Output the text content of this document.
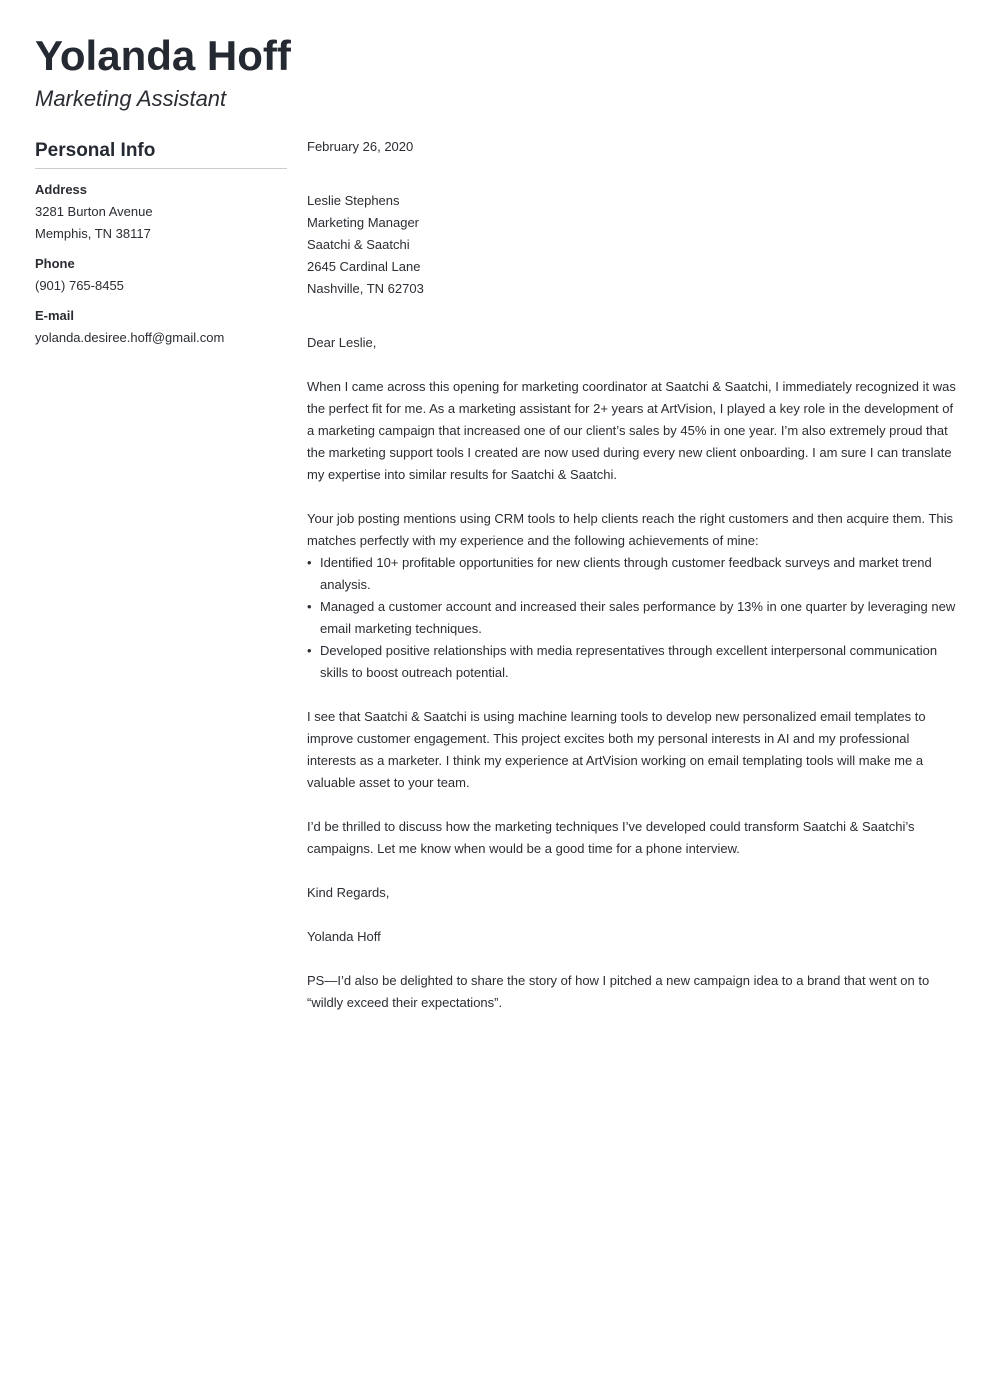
Yolanda Hoff
Marketing Assistant
Personal Info
Address
3281 Burton Avenue
Memphis, TN 38117
Phone
(901) 765-8455
E-mail
yolanda.desiree.hoff@gmail.com

February 26, 2020

Leslie Stephens

Marketing Manager

Saatchi & Saatchi

2645 Cardinal Lane

Nashville, TN 62703

Dear Leslie,

When I came across this opening for marketing coordinator at Saatchi & Saatchi, I immediately recognized it was the perfect fit for me. As a marketing assistant for 2+ years at ArtVision, I played a key role in the development of a marketing campaign that increased one of our client’s sales by 45% in one year. I’m also extremely proud that the marketing support tools I created are now used during every new client onboarding. I am sure I can translate my expertise into similar results for Saatchi & Saatchi.

Your job posting mentions using CRM tools to help clients reach the right customers and then acquire them. This matches perfectly with my experience and the following achievements of mine:

• Identified 10+ profitable opportunities for new clients through customer feedback surveys and market trend analysis.
• Managed a customer account and increased their sales performance by 13% in one quarter by leveraging new email marketing techniques.
• Developed positive relationships with media representatives through excellent interpersonal communication skills to boost outreach potential.

I see that Saatchi & Saatchi is using machine learning tools to develop new personalized email templates to improve customer engagement. This project excites both my personal interests in AI and my professional interests as a marketer. I think my experience at ArtVision working on email templating tools will make me a valuable asset to your team.

I’d be thrilled to discuss how the marketing techniques I’ve developed could transform Saatchi & Saatchi’s campaigns. Let me know when would be a good time for a phone interview.

Kind Regards,

Yolanda Hoff

PS—I’d also be delighted to share the story of how I pitched a new campaign idea to a brand that went on to “wildly exceed their expectations”.
